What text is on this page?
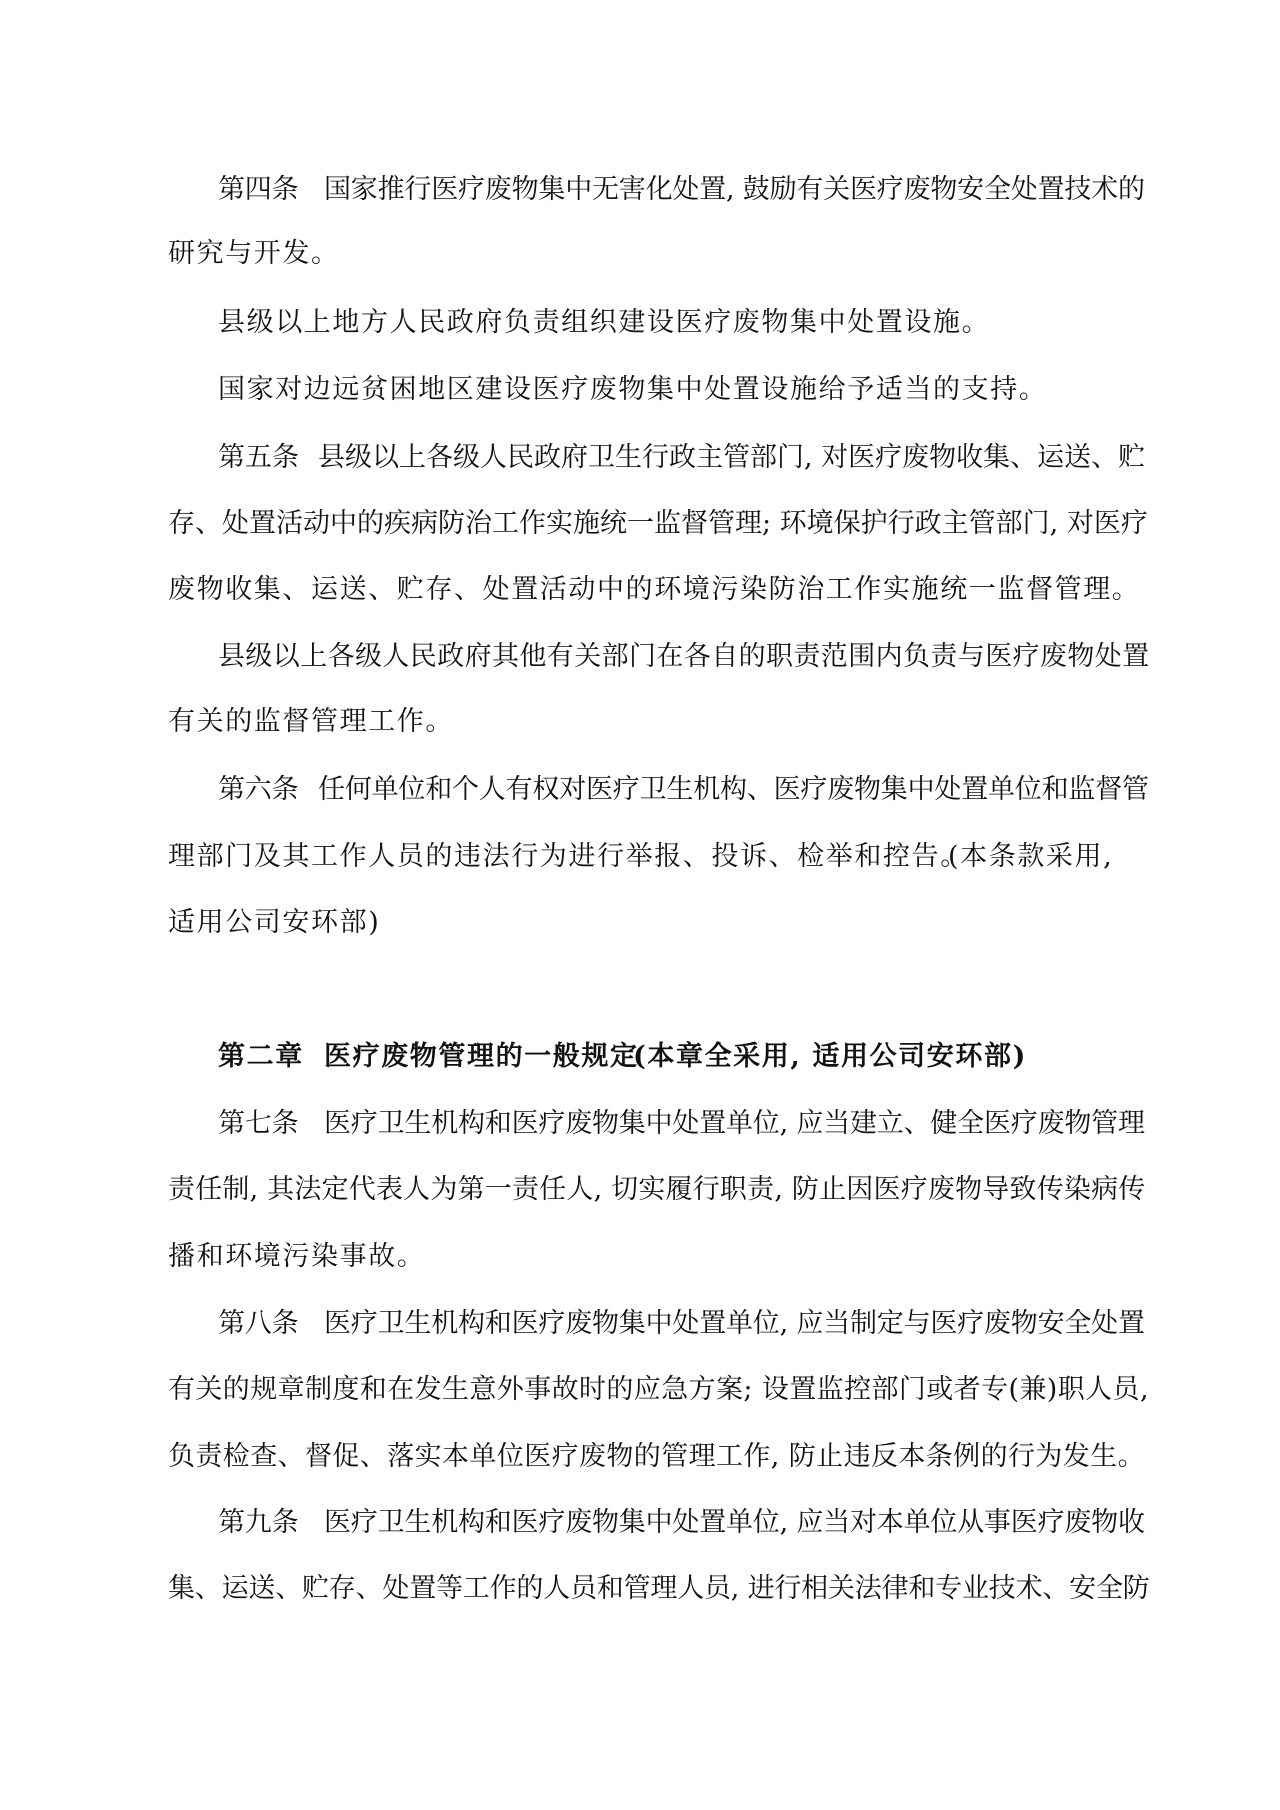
第四条 国家推行医疗废物集中无害化处置, 鼓励有关医疗废物安全处置技术的
研究与开发。
县级以上地方人民政府负责组织建设医疗废物集中处置设施。
国家对边远贫困地区建设医疗废物集中处置设施给予适当的支持。
第五条 县级以上各级人民政府卫生行政主管部门, 对医疗废物收集、运送、贮
存、处置活动中的疾病防治工作实施统一监督管理; 环境保护行政主管部门, 对医疗
废物收集、运送、贮存、处置活动中的环境污染防治工作实施统一监督管理。
县级以上各级人民政府其他有关部门在各自的职责范围内负责与医疗废物处置
有关的监督管理工作。
第六条 任何单位和个人有权对医疗卫生机构、医疗废物集中处置单位和监督管
理部门及其工作人员的违法行为进行举报、投诉、检举和控告。
(本条款采用,
适用公司安环部)
第二章 医疗废物管理的一般规定
(本章全采用, 适用公司安环部)
第七条 医疗卫生机构和医疗废物集中处置单位, 应当建立、健全医疗废物管理
责任制, 其法定代表人为第一责任人, 切实履行职责, 防止因医疗废物导致传染病传
播和环境污染事故。
第八条 医疗卫生机构和医疗废物集中处置单位, 应当制定与医疗废物安全处置
有关的规章制度和在发生意外事故时的应急方案; 设置监控部门或者专(兼)职人员,
负责检查、督促、落实本单位医疗废物的管理工作, 防止违反本条例的行为发生。
第九条 医疗卫生机构和医疗废物集中处置单位, 应当对本单位从事医疗废物收
集、运送、贮存、处置等工作的人员和管理人员, 进行相关法律和专业技术、安全防
